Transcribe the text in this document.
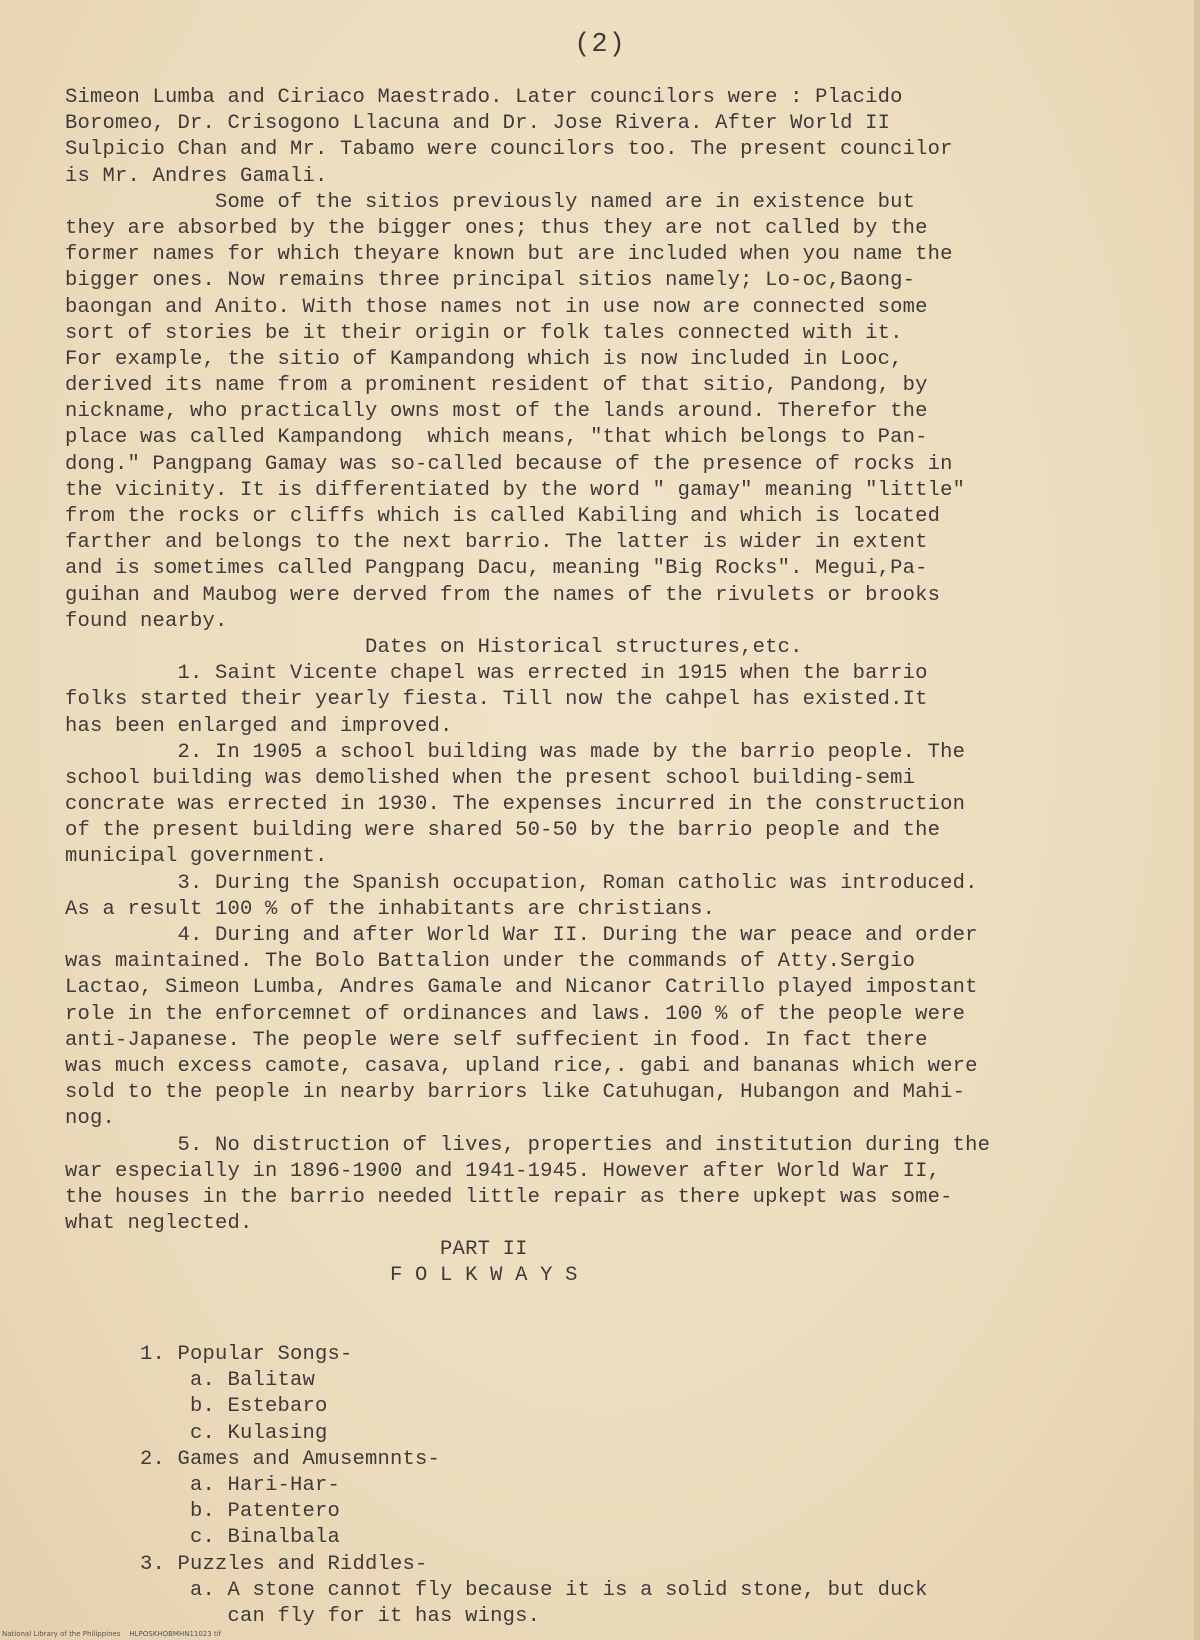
(2)
Simeon Lumba and Ciriaco Maestrado. Later councilors were : Placido
Boromeo, Dr. Crisogono Llacuna and Dr. Jose Rivera. After World II
Sulpicio Chan and Mr. Tabamo were councilors too. The present councilor
is Mr. Andres Gamali.
Some of the sitios previously named are in existence but
they are absorbed by the bigger ones; thus they are not called by the
former names for which theyare known but are included when you name the
bigger ones. Now remains three principal sitios namely; Lo-oc,Baong-
baongan and Anito. With those names not in use now are connected some
sort of stories be it their origin or folk tales connected with it.
For example, the sitio of Kampandong which is now included in Looc,
derived its name from a prominent resident of that sitio, Pandong, by
nickname, who practically owns most of the lands around. Therefor the
place was called Kampandong  which means, "that which belongs to Pan-
dong." Pangpang Gamay was so-called because of the presence of rocks in
the vicinity. It is differentiated by the word " gamay" meaning "little"
from the rocks or cliffs which is called Kabiling and which is located
farther and belongs to the next barrio. The latter is wider in extent
and is sometimes called Pangpang Dacu, meaning "Big Rocks". Megui,Pa-
guihan and Maubog were derved from the names of the rivulets or brooks
found nearby.
Dates on Historical structures,etc.
1. Saint Vicente chapel was errected in 1915 when the barrio
folks started their yearly fiesta. Till now the cahpel has existed.It
has been enlarged and improved.
2. In 1905 a school building was made by the barrio people. The
school building was demolished when the present school building-semi
concrate was errected in 1930. The expenses incurred in the construction
of the present building were shared 50-50 by the barrio people and the
municipal government.
3. During the Spanish occupation, Roman catholic was introduced.
As a result 100 % of the inhabitants are christians.
4. During and after World War II. During the war peace and order
was maintained. The Bolo Battalion under the commands of Atty.Sergio
Lactao, Simeon Lumba, Andres Gamale and Nicanor Catrillo played impostant
role in the enforcemnet of ordinances and laws. 100 % of the people were
anti-Japanese. The people were self suffecient in food. In fact there
was much excess camote, casava, upland rice,. gabi and bananas which were
sold to the people in nearby barriors like Catuhugan, Hubangon and Mahi-
nog.
5. No distruction of lives, properties and institution during the
war especially in 1896-1900 and 1941-1945. However after World War II,
the houses in the barrio needed little repair as there upkept was some-
what neglected.
PART II
F O L K W A Y S
1. Popular Songs-
a. Balitaw
b. Estebaro
c. Kulasing
2. Games and Amusemnnts-
a. Hari-Har-
b. Patentero
c. Binalbala
3. Puzzles and Riddles-
a. A stone cannot fly because it is a solid stone, but duck
can fly for it has wings.
National Library of the Philippines    HLPOSKHOBMHN11023 tif
